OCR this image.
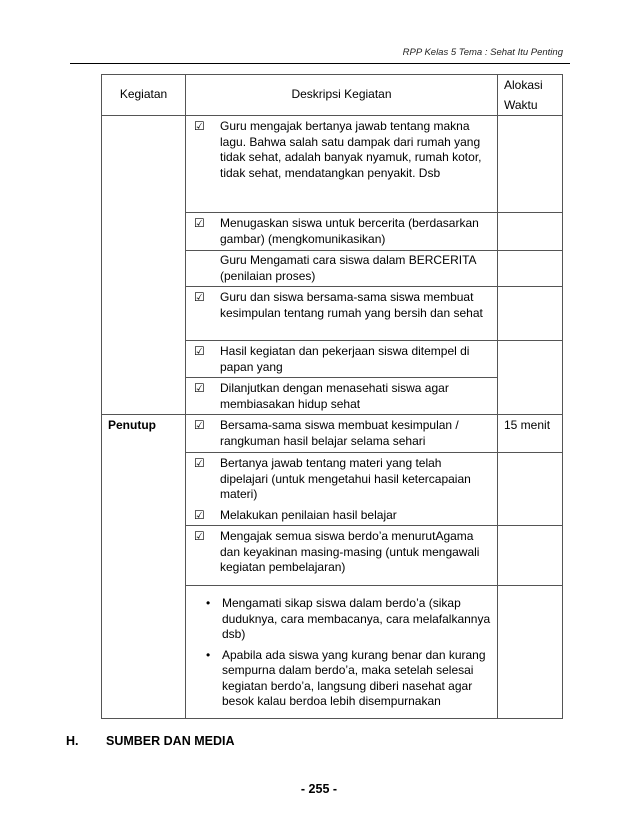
RPP Kelas 5 Tema : Sehat Itu Penting
Kegiatan	Deskripsi Kegiatan	Alokasi
Waktu

	☑ Guru mengajak bertanya jawab tentang makna lagu. Bahwa salah satu dampak dari rumah yang tidak sehat, adalah banyak nyamuk, rumah kotor, tidak sehat, mendatangkan penyakit. Dsb	

	☑ Menugaskan siswa untuk bercerita (berdasarkan gambar) (mengkomunikasikan)	

	Guru Mengamati cara siswa dalam BERCERITA (penilaian proses)	

	☑ Guru dan siswa bersama-sama siswa membuat kesimpulan tentang rumah yang bersih dan sehat	

	☑ Hasil kegiatan dan pekerjaan siswa ditempel di papan yang	

	☑ Dilanjutkan dengan menasehati siswa agar membiasakan hidup sehat	

Penutup	☑ Bersama-sama siswa membuat kesimpulan / rangkuman hasil belajar selama sehari	15 menit

	☑ Bertanya jawab tentang materi yang telah dipelajari (untuk mengetahui hasil ketercapaian materi)
☑ Melakukan penilaian hasil belajar	

	☑ Mengajak semua siswa berdo’a menurutAgama dan keyakinan masing-masing (untuk mengawali kegiatan pembelajaran)	

	• Mengamati sikap siswa dalam berdo’a (sikap duduknya, cara membacanya, cara melafalkannya dsb)
• Apabila ada siswa yang kurang benar dan kurang sempurna dalam berdo’a, maka setelah selesai kegiatan berdo’a, langsung diberi nasehat agar besok kalau berdoa lebih disempurnakan	

H. SUMBER DAN MEDIA
- 255 -
